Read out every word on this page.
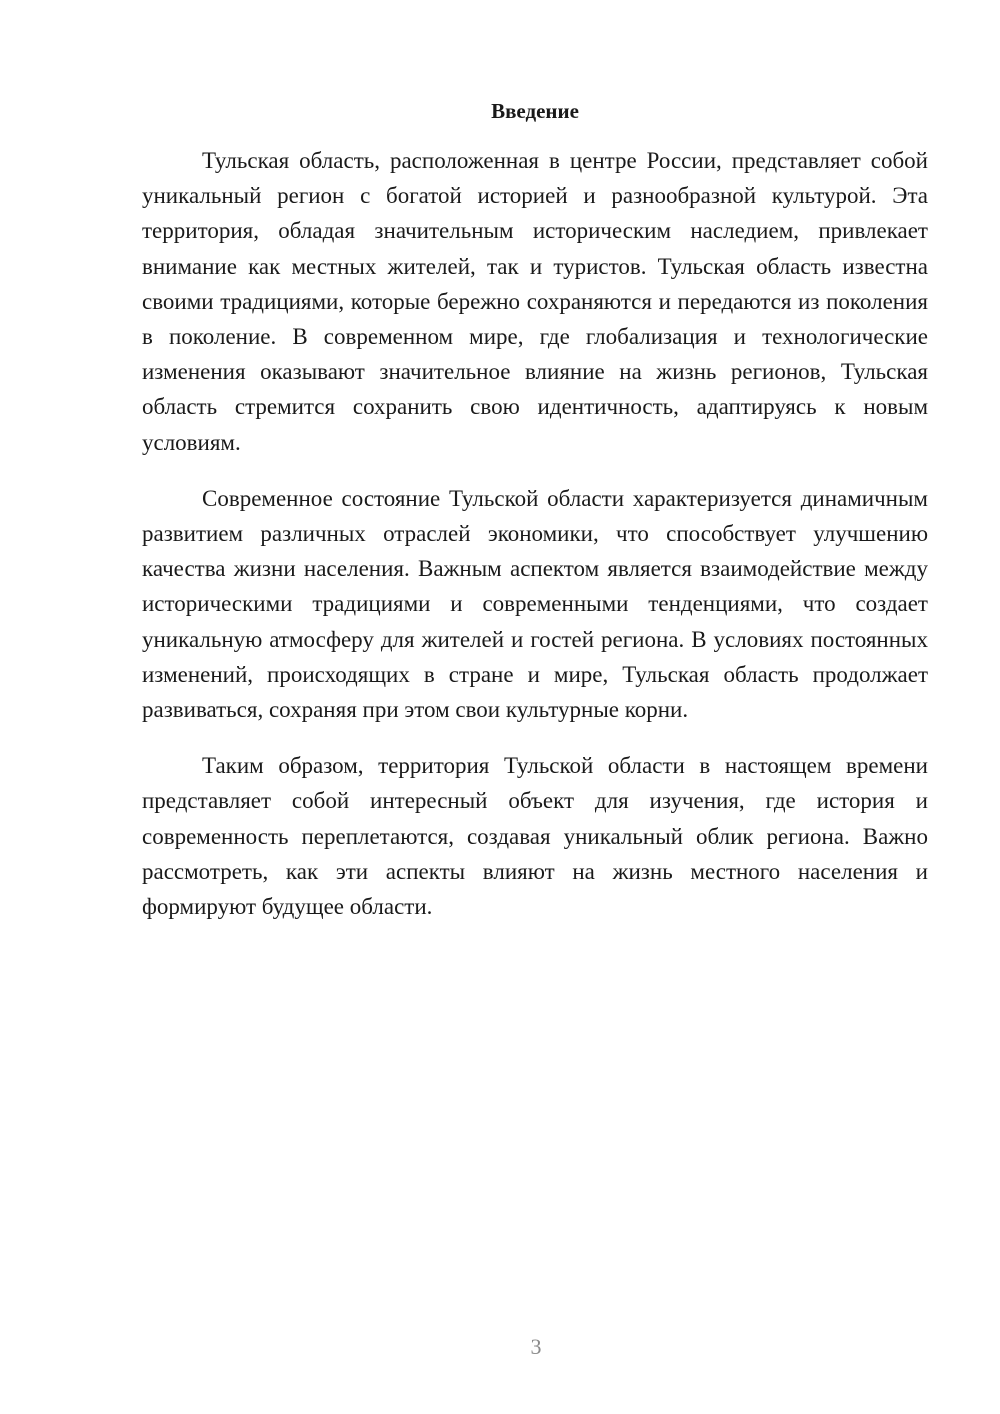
Введение

Тульская область, расположенная в центре России, представляет собой уникальный регион с богатой историей и разнообразной культурой. Эта территория, обладая значительным историческим наследием, привлекает внимание как местных жителей, так и туристов. Тульская область известна своими традициями, которые бережно сохраняются и передаются из поколения в поколение. В современном мире, где глобализация и технологические изменения оказывают значительное влияние на жизнь регионов, Тульская область стремится сохранить свою идентичность, адаптируясь к новым условиям.

Современное состояние Тульской области характеризуется динамичным развитием различных отраслей экономики, что способствует улучшению качества жизни населения. Важным аспектом является взаимодействие между историческими традициями и современными тенденциями, что создает уникальную атмосферу для жителей и гостей региона. В условиях постоянных изменений, происходящих в стране и мире, Тульская область продолжает развиваться, сохраняя при этом свои культурные корни.

Таким образом, территория Тульской области в настоящем времени представляет собой интересный объект для изучения, где история и современность переплетаются, создавая уникальный облик региона. Важно рассмотреть, как эти аспекты влияют на жизнь местного населения и формируют будущее области.

3
